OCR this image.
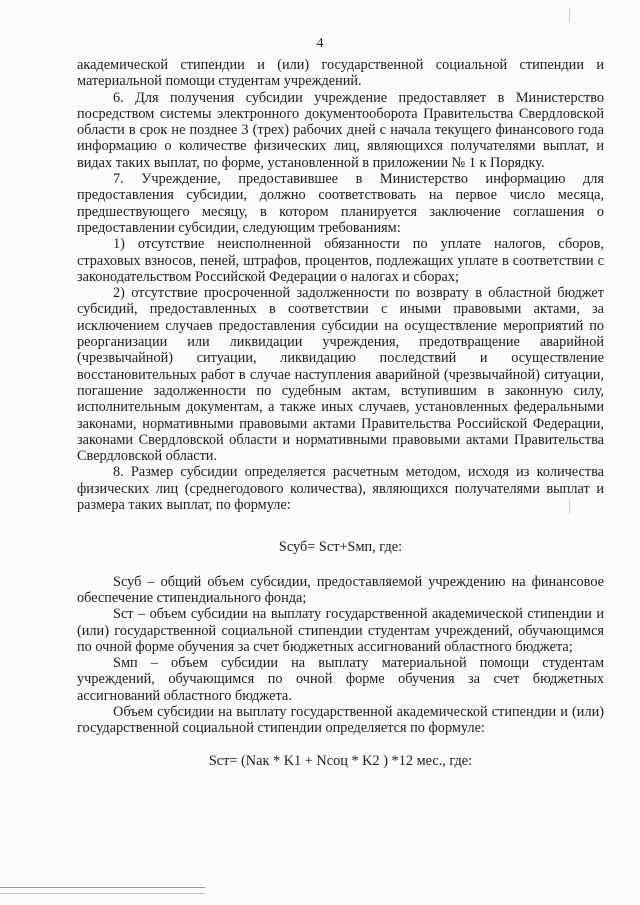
4

академической стипендии и (или) государственной социальной стипендии и материальной помощи студентам учреждений.

6. Для получения субсидии учреждение предоставляет в Министерство посредством системы электронного документооборота Правительства Свердловской области в срок не позднее 3 (трех) рабочих дней с начала текущего финансового года информацию о количестве физических лиц, являющихся получателями выплат, и видах таких выплат, по форме, установленной в приложении № 1 к Порядку.

7. Учреждение, предоставившее в Министерство информацию для предоставления субсидии, должно соответствовать на первое число месяца, предшествующего месяцу, в котором планируется заключение соглашения о предоставлении субсидии, следующим требованиям:

1) отсутствие неисполненной обязанности по уплате налогов, сборов, страховых взносов, пеней, штрафов, процентов, подлежащих уплате в соответствии с законодательством Российской Федерации о налогах и сборах;

2) отсутствие просроченной задолженности по возврату в областной бюджет субсидий, предоставленных в соответствии с иными правовыми актами, за исключением случаев предоставления субсидии на осуществление мероприятий по реорганизации или ликвидации учреждения, предотвращение аварийной (чрезвычайной) ситуации, ликвидацию последствий и осуществление восстановительных работ в случае наступления аварийной (чрезвычайной) ситуации, погашение задолженности по судебным актам, вступившим в законную силу, исполнительным документам, а также иных случаев, установленных федеральными законами, нормативными правовыми актами Правительства Российской Федерации, законами Свердловской области и нормативными правовыми актами Правительства Свердловской области.

8. Размер субсидии определяется расчетным методом, исходя из количества физических лиц (среднегодового количества), являющихся получателями выплат и размера таких выплат, по формуле:

Sсуб= Sст+Sмп, где:

Sсуб – общий объем субсидии, предоставляемой учреждению на финансовое обеспечение стипендиального фонда;

Sст – объем субсидии на выплату государственной академической стипендии и (или) государственной социальной стипендии студентам учреждений, обучающимся по очной форме обучения за счет бюджетных ассигнований областного бюджета;

Sмп – объем субсидии на выплату материальной помощи студентам учреждений, обучающимся по очной форме обучения за счет бюджетных ассигнований областного бюджета.

Объем субсидии на выплату государственной академической стипендии и (или) государственной социальной стипендии определяется по формуле:

Sст= (Nак * K1 + Nсоц * K2 ) *12 мес., где:
